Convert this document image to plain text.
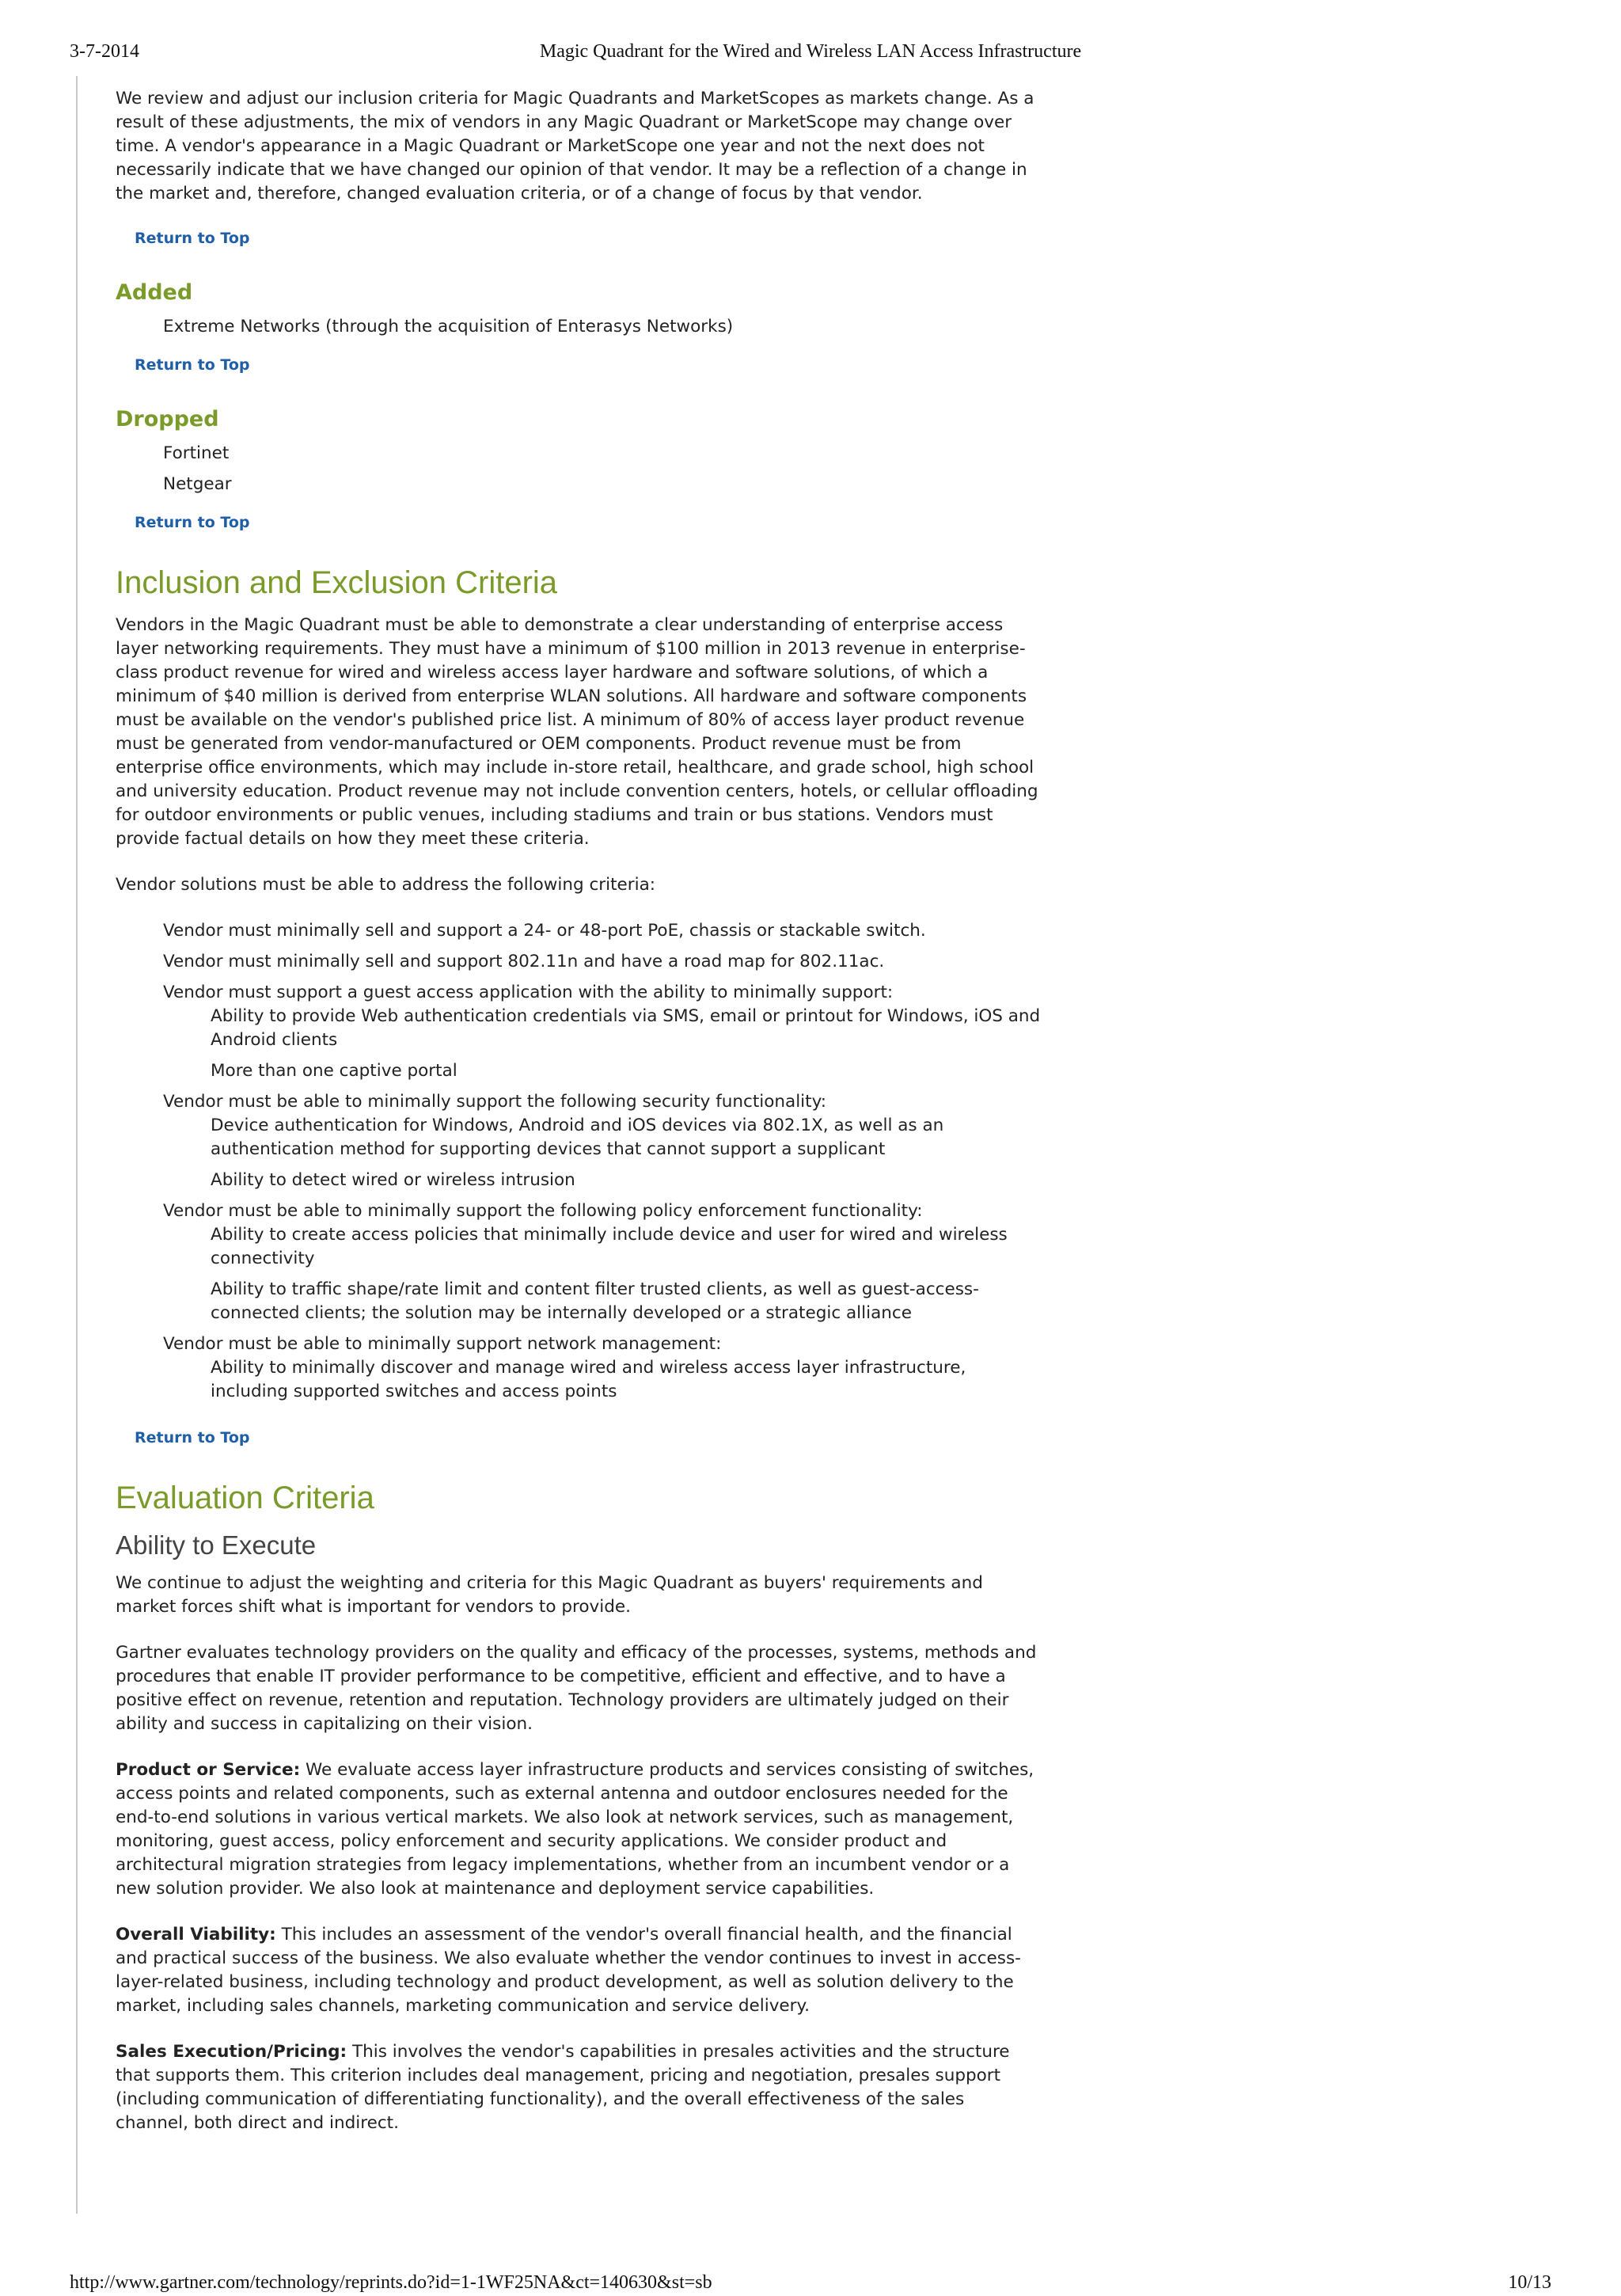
3-7-2014	Magic Quadrant for the Wired and Wireless LAN Access Infrastructure

We review and adjust our inclusion criteria for Magic Quadrants and MarketScopes as markets change. As a result of these adjustments, the mix of vendors in any Magic Quadrant or MarketScope may change over time. A vendor's appearance in a Magic Quadrant or MarketScope one year and not the next does not necessarily indicate that we have changed our opinion of that vendor. It may be a reflection of a change in the market and, therefore, changed evaluation criteria, or of a change of focus by that vendor.

Return to Top
Added
Extreme Networks (through the acquisition of Enterasys Networks)
Return to Top
Dropped
Fortinet
Netgear
Return to Top
Inclusion and Exclusion Criteria

Vendors in the Magic Quadrant must be able to demonstrate a clear understanding of enterprise access layer networking requirements. They must have a minimum of $100 million in 2013 revenue in enterprise-class product revenue for wired and wireless access layer hardware and software solutions, of which a minimum of $40 million is derived from enterprise WLAN solutions. All hardware and software components must be available on the vendor's published price list. A minimum of 80% of access layer product revenue must be generated from vendor-manufactured or OEM components. Product revenue must be from enterprise office environments, which may include in-store retail, healthcare, and grade school, high school and university education. Product revenue may not include convention centers, hotels, or cellular offloading for outdoor environments or public venues, including stadiums and train or bus stations. Vendors must provide factual details on how they meet these criteria.

Vendor solutions must be able to address the following criteria:

Vendor must minimally sell and support a 24- or 48-port PoE, chassis or stackable switch.
Vendor must minimally sell and support 802.11n and have a road map for 802.11ac.
Vendor must support a guest access application with the ability to minimally support:
Ability to provide Web authentication credentials via SMS, email or printout for Windows, iOS and Android clients
More than one captive portal
Vendor must be able to minimally support the following security functionality:
Device authentication for Windows, Android and iOS devices via 802.1X, as well as an authentication method for supporting devices that cannot support a supplicant
Ability to detect wired or wireless intrusion
Vendor must be able to minimally support the following policy enforcement functionality:
Ability to create access policies that minimally include device and user for wired and wireless connectivity
Ability to traffic shape/rate limit and content filter trusted clients, as well as guest-access-connected clients; the solution may be internally developed or a strategic alliance
Vendor must be able to minimally support network management:
Ability to minimally discover and manage wired and wireless access layer infrastructure, including supported switches and access points
Return to Top
Evaluation Criteria
Ability to Execute

We continue to adjust the weighting and criteria for this Magic Quadrant as buyers' requirements and market forces shift what is important for vendors to provide.

Gartner evaluates technology providers on the quality and efficacy of the processes, systems, methods and procedures that enable IT provider performance to be competitive, efficient and effective, and to have a positive effect on revenue, retention and reputation. Technology providers are ultimately judged on their ability and success in capitalizing on their vision.

Product or Service: We evaluate access layer infrastructure products and services consisting of switches, access points and related components, such as external antenna and outdoor enclosures needed for the end-to-end solutions in various vertical markets. We also look at network services, such as management, monitoring, guest access, policy enforcement and security applications. We consider product and architectural migration strategies from legacy implementations, whether from an incumbent vendor or a new solution provider. We also look at maintenance and deployment service capabilities.

Overall Viability: This includes an assessment of the vendor's overall financial health, and the financial and practical success of the business. We also evaluate whether the vendor continues to invest in access-layer-related business, including technology and product development, as well as solution delivery to the market, including sales channels, marketing communication and service delivery.

Sales Execution/Pricing: This involves the vendor's capabilities in presales activities and the structure that supports them. This criterion includes deal management, pricing and negotiation, presales support (including communication of differentiating functionality), and the overall effectiveness of the sales channel, both direct and indirect.

http://www.gartner.com/technology/reprints.do?id=1-1WF25NA&ct=140630&st=sb	10/13
